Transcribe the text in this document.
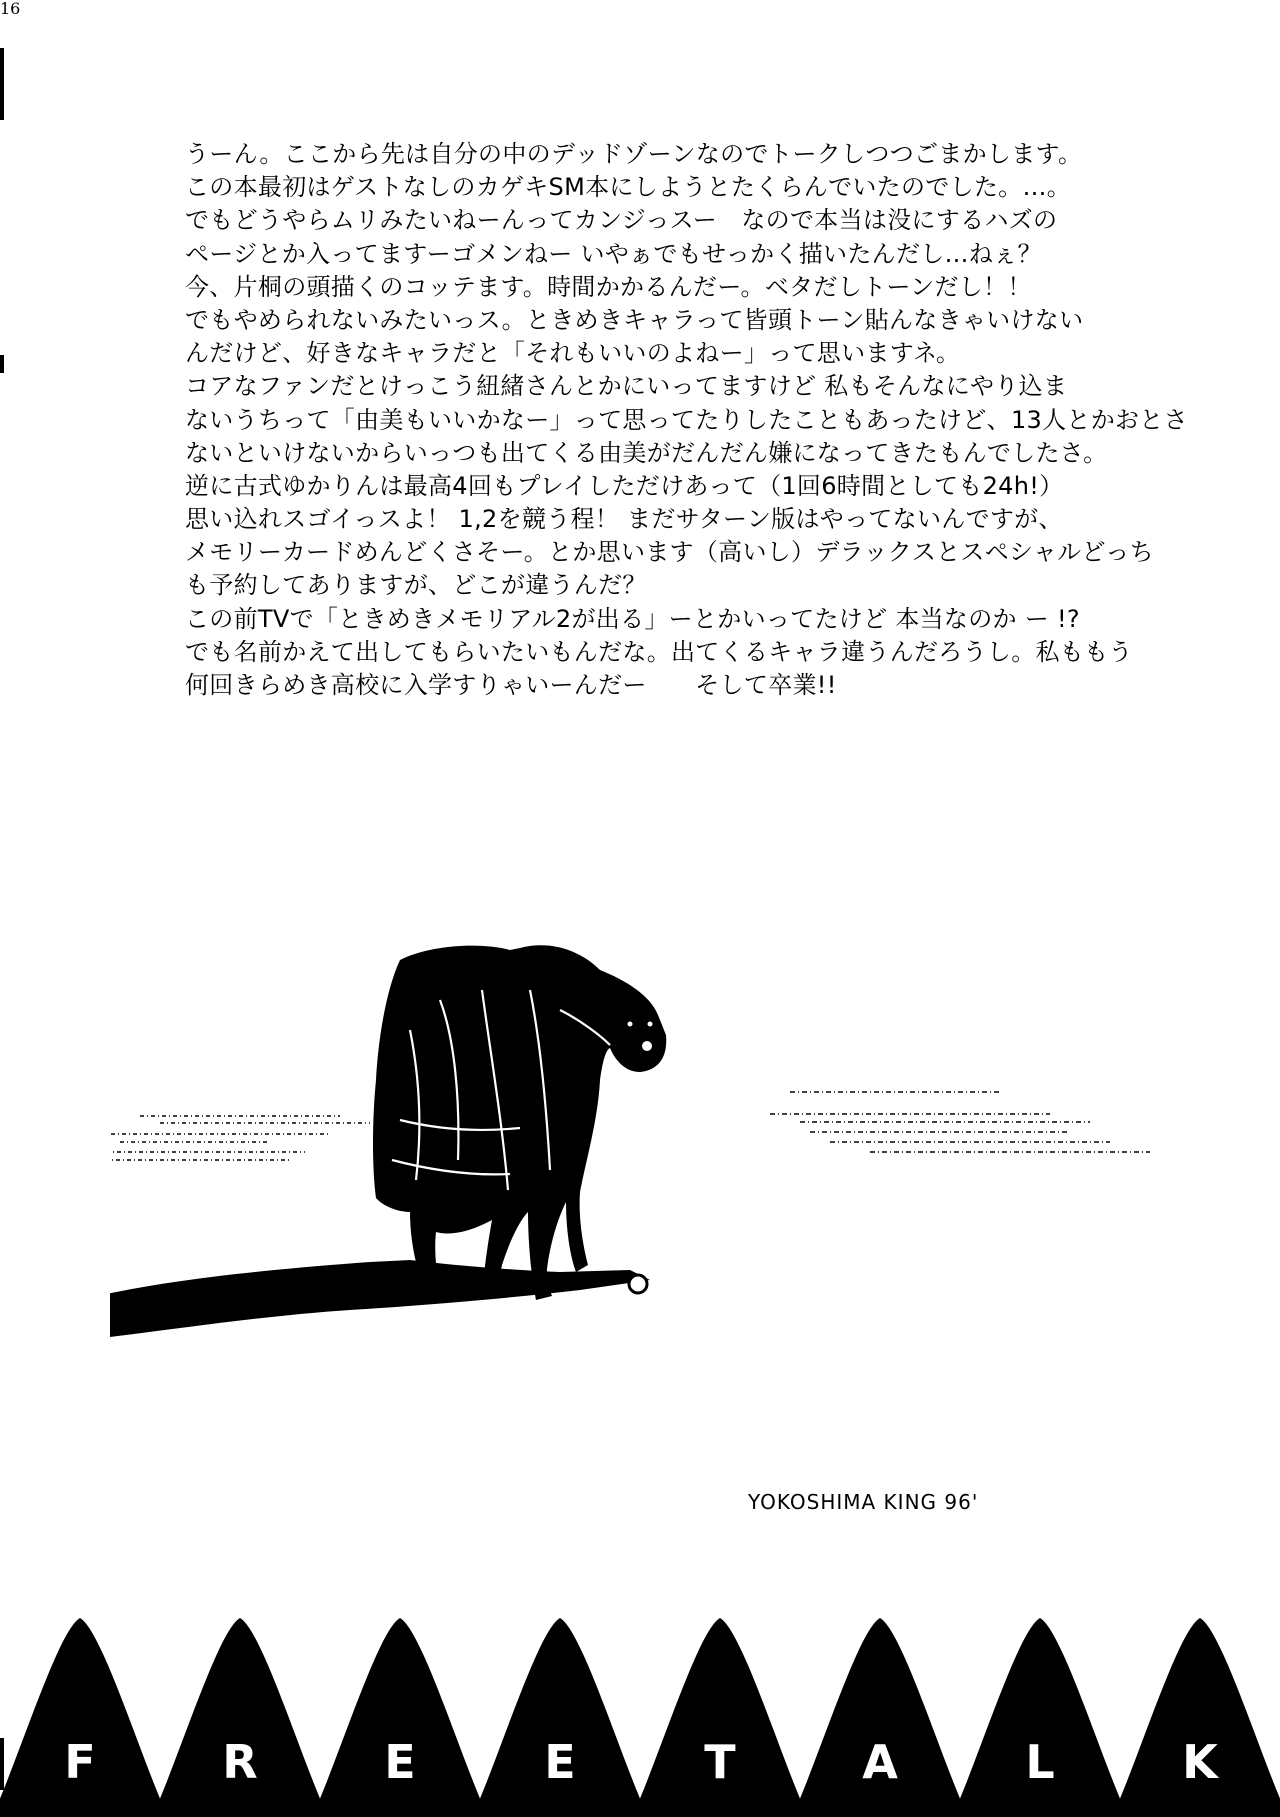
16
うーん。ここから先は自分の中のデッドゾーンなのでトークしつつごまかします。
この本最初はゲストなしのカゲキSM本にしようとたくらんでいたのでした。…。
でもどうやらムリみたいねーんってカンジっスー　なので本当は没にするハズの
ページとか入ってますーゴメンねー いやぁでもせっかく描いたんだし…ねぇ？
今、片桐の頭描くのコッテます。時間かかるんだー。ベタだしトーンだし！！
でもやめられないみたいっス。ときめきキャラって皆頭トーン貼んなきゃいけない
んだけど、好きなキャラだと「それもいいのよねー」って思いますネ。
コアなファンだとけっこう紐緒さんとかにいってますけど 私もそんなにやり込ま
ないうちって「由美もいいかなー」って思ってたりしたこともあったけど、13人とかおとさ
ないといけないからいっつも出てくる由美がだんだん嫌になってきたもんでしたさ。
逆に古式ゆかりんは最高4回もプレイしただけあって（1回6時間としても24h!）
思い込れスゴイっスよ！ 1,2を競う程！ まだサターン版はやってないんですが、
メモリーカードめんどくさそー。とか思います（高いし）デラックスとスペシャルどっち
も予約してありますが、どこが違うんだ？
この前TVで「ときめきメモリアル2が出る」ーとかいってたけど 本当なのか ー !?
でも名前かえて出してもらいたいもんだな。出てくるキャラ違うんだろうし。私ももう
何回きらめき高校に入学すりゃいーんだー　　そして卒業!!
YOKOSHIMA KING 96'
F	R	E	E	T	A	L	K
